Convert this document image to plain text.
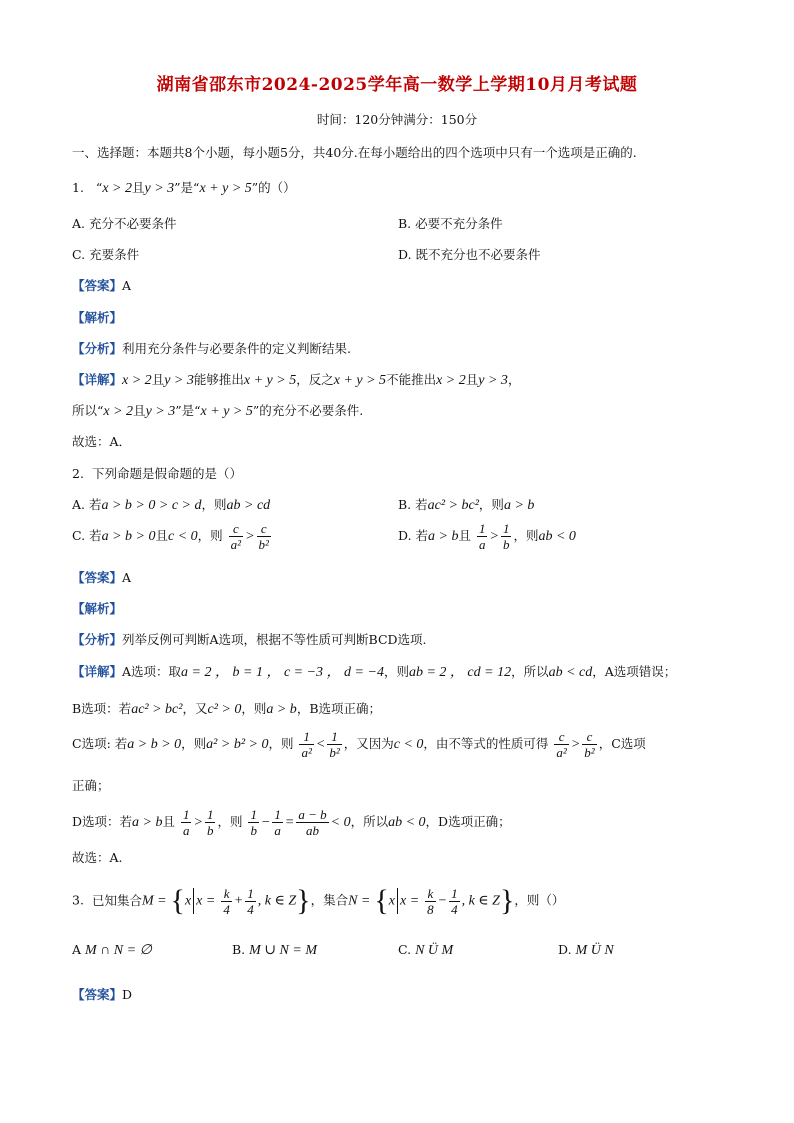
湖南省邵东市2024-2025学年高一数学上学期10月月考试题
时间：120分钟满分：150分
一、选择题：本题共8个小题，每小题5分，共40分.在每小题给出的四个选项中只有一个选项是正确的.
1. “x > 2且y > 3”是“x + y > 5”的（）
A. 充分不必要条件	B. 必要不充分条件
C. 充要条件	D. 既不充分也不必要条件
【答案】A
【解析】
【分析】利用充分条件与必要条件的定义判断结果.
【详解】x > 2且y > 3能够推出x + y > 5，反之x + y > 5不能推出x > 2且y > 3，
所以“x > 2且y > 3”是“x + y > 5”的充分不必要条件.
故选：A．
2. 下列命题是假命题的是（）
A. 若a > b > 0 > c > d，则ab > cd	B. 若ac² > bc²，则a > b
C. 若a > b > 0且c < 0，则 $\frac{c}{\text{a²}} > \frac{c}{\text{b²}}$	D. 若a > b且 $\frac{1}{a} > \frac{1}{b}$ ，则ab < 0
【答案】A
【解析】
【分析】列举反例可判断A选项，根据不等性质可判断BCD选项.
【详解】A选项：取a = 2 ， b = 1 ， c = −3 ， d = −4，则ab = 2 ， cd = 12，所以ab < cd，A选项错误；
B选项：若ac² > bc²，又c² > 0，则a > b，B选项正确；
C选项: 若a > b > 0，则a² > b² > 0，则 $\frac{1}{\text{a²}} < \frac{1}{\text{b²}}$ ，又因为c < 0，由不等式的性质可得 $\frac{c}{\text{a²}} > \frac{c}{\text{b²}}$ ，C选项
正确；
D选项：若a > b且 $\frac{1}{a} > \frac{1}{b}$ ，则 $\frac{1}{b} - \frac{1}{a} = \frac{a - b}{ab} < 0$，所以ab < 0，D选项正确；
故选：A.
3. 已知集合M = {x $x = \frac{k}{4} + \frac{1}{4}$ , k ∈ Z}，集合N = {x $x = \frac{k}{8} - \frac{1}{4}$ , k ∈ Z}，则（）
A M ∩ N = ∅	B. M ∪ N = M	C. N Ü M	D. M Ü N
【答案】D
